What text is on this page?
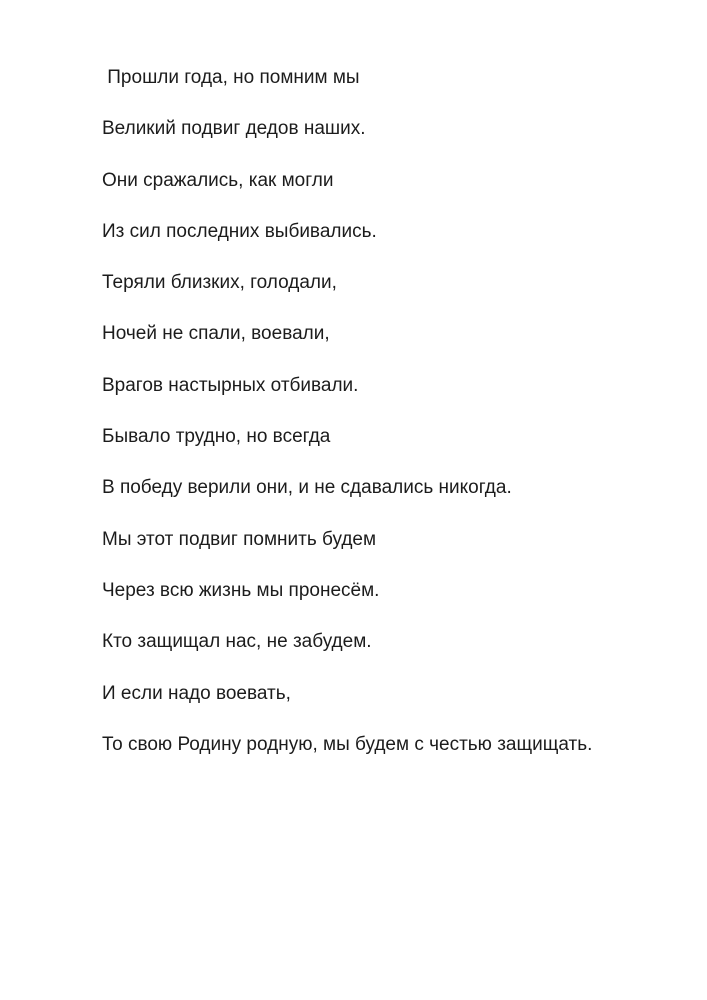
Прошли года, но помним мы

Великий подвиг дедов наших.

Они сражались, как могли

Из сил последних выбивались.

Теряли близких, голодали,

Ночей не спали, воевали,

Врагов настырных отбивали.

Бывало трудно, но всегда

В победу верили они, и не сдавались никогда.

Мы этот подвиг помнить будем

Через всю жизнь мы пронесём.

Кто защищал нас, не забудем.

И если надо воевать,

То свою Родину родную, мы будем с честью защищать.
